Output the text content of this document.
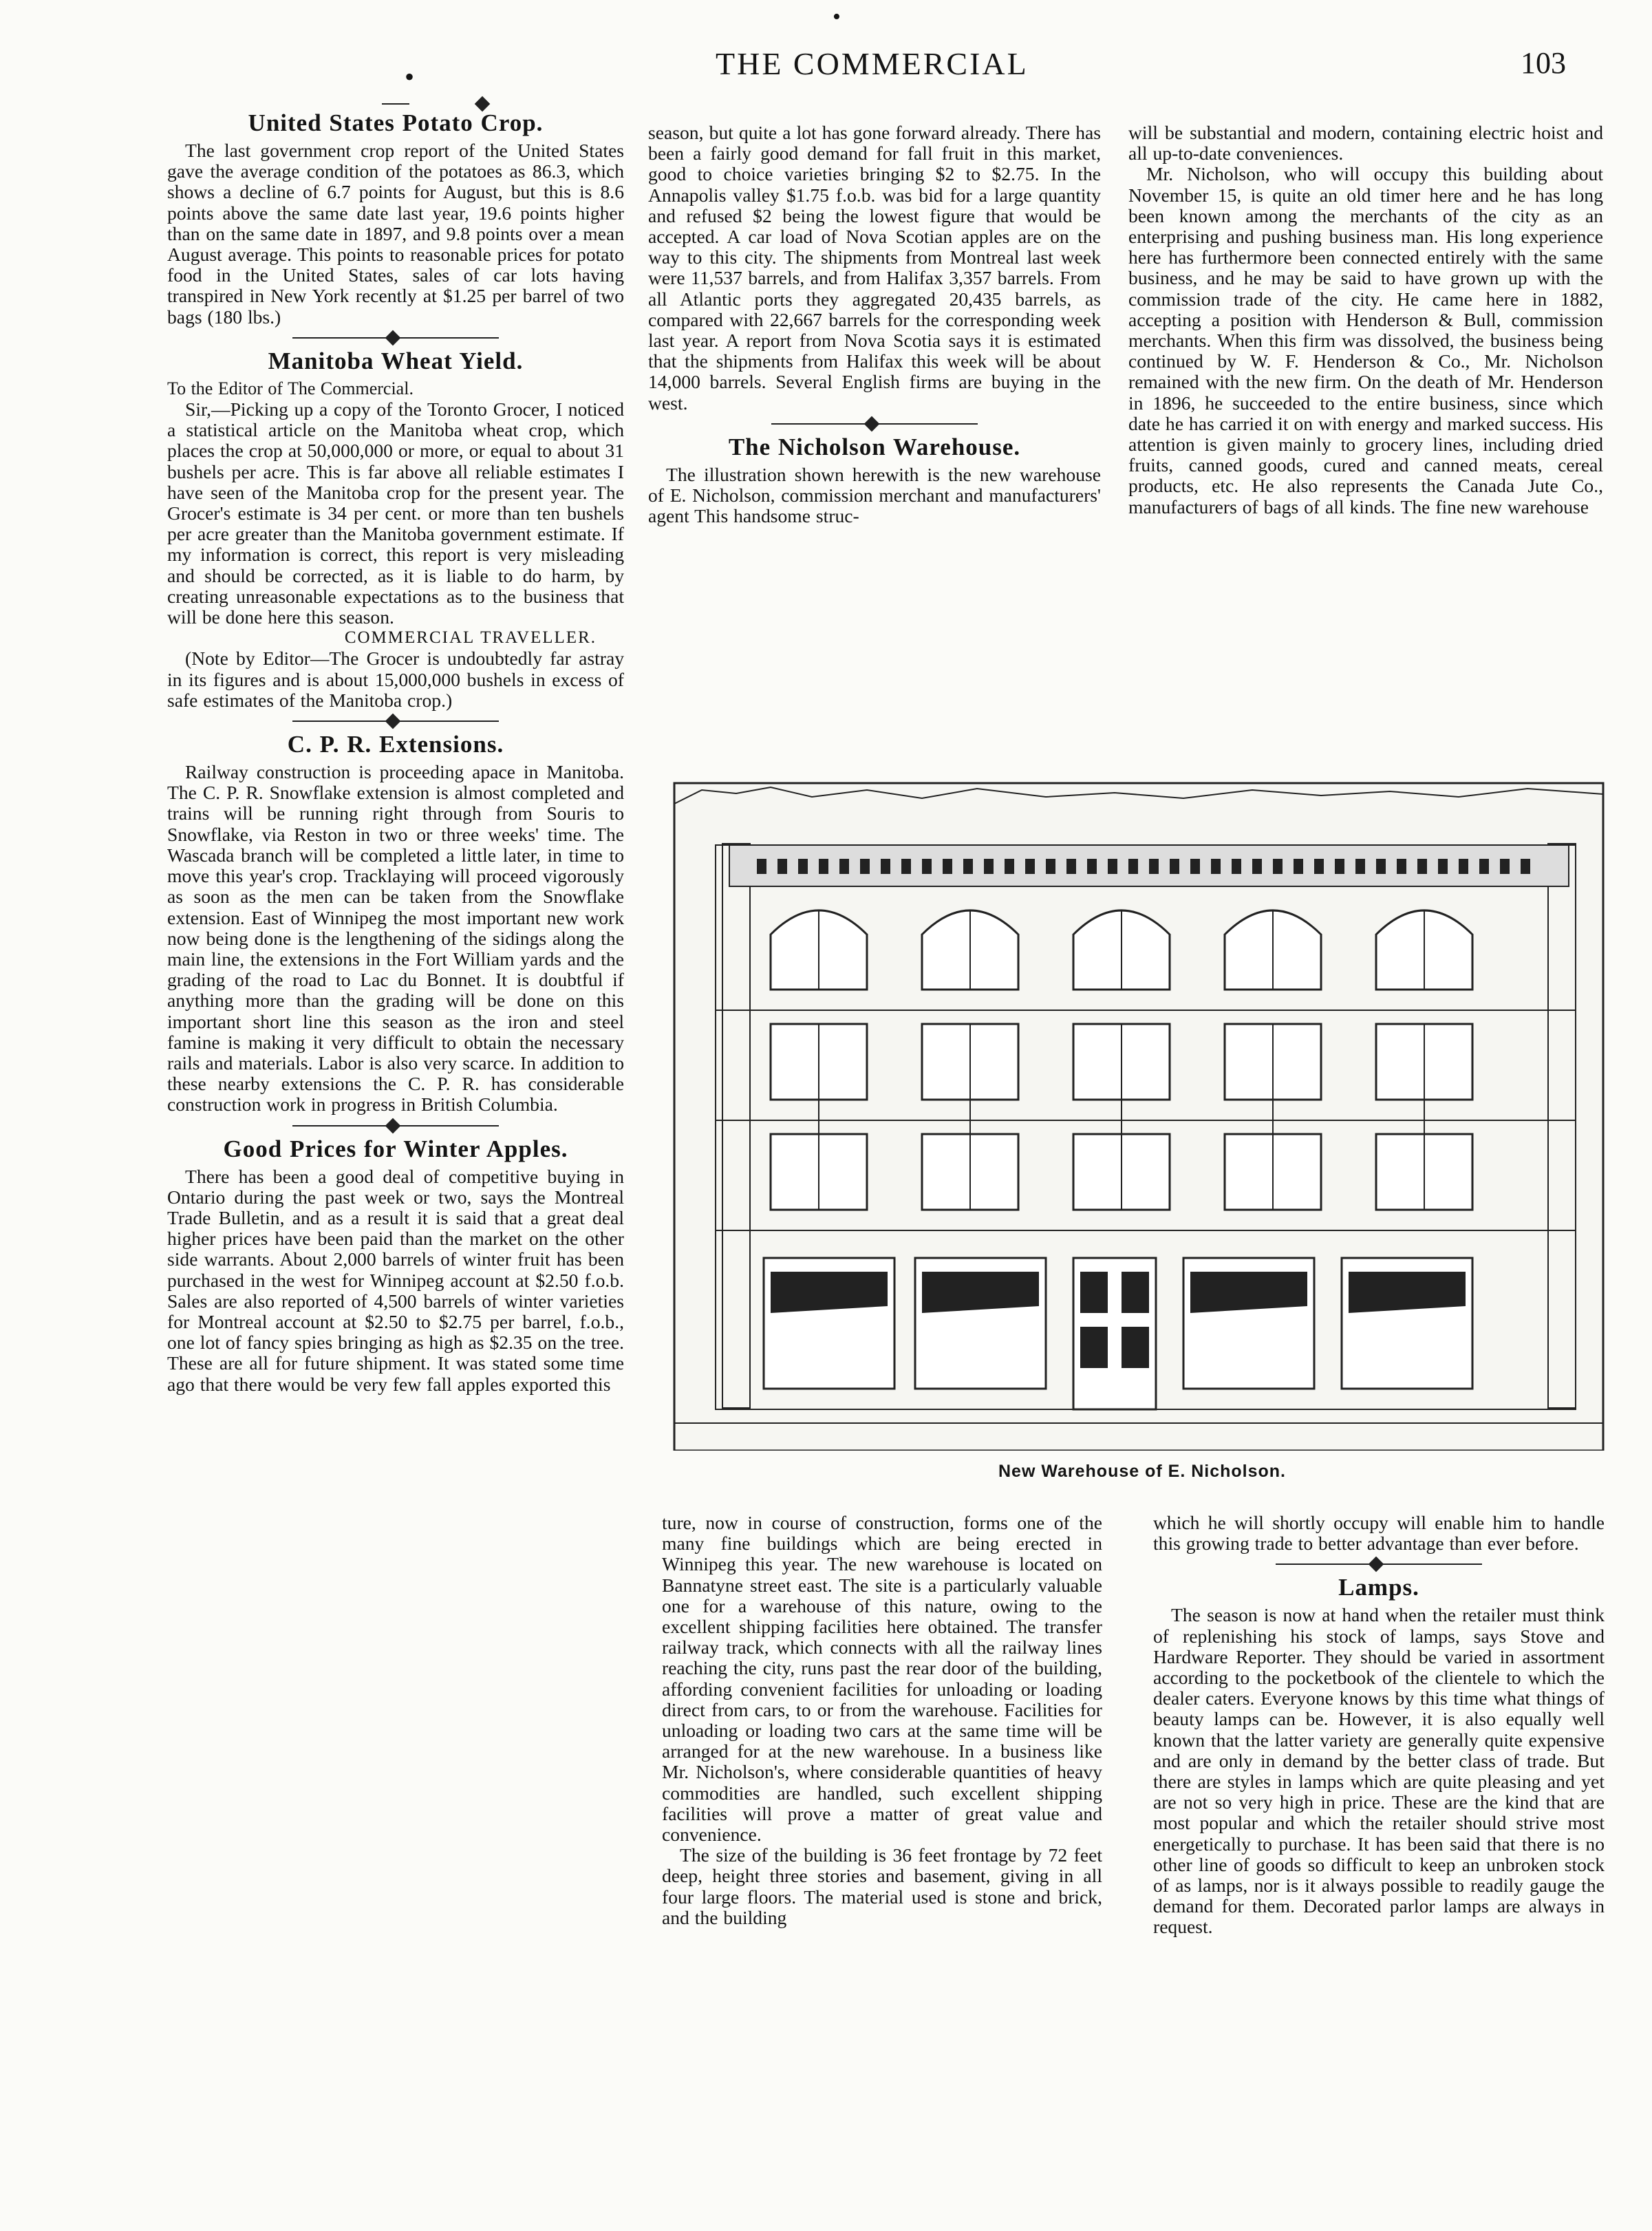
•
•	THE COMMERCIAL	103
United States Potato Crop.

The last government crop report of the United States gave the average condition of the potatoes as 86.3, which shows a decline of 6.7 points for August, but this is 8.6 points above the same date last year, 19.6 points higher than on the same date in 1897, and 9.8 points over a mean August average. This points to reasonable prices for potato food in the United States, sales of car lots having transpired in New York recently at $1.25 per barrel of two bags (180 lbs.)

Manitoba Wheat Yield.

To the Editor of The Commercial.

Sir,—Picking up a copy of the Toronto Grocer, I noticed a statistical article on the Manitoba wheat crop, which places the crop at 50,000,000 or more, or equal to about 31 bushels per acre. This is far above all reliable estimates I have seen of the Manitoba crop for the present year. The Grocer's estimate is 34 per cent. or more than ten bushels per acre greater than the Manitoba government estimate. If my information is correct, this report is very misleading and should be corrected, as it is liable to do harm, by creating unreasonable expectations as to the business that will be done here this season.

COMMERCIAL TRAVELLER.

(Note by Editor—The Grocer is undoubtedly far astray in its figures and is about 15,000,000 bushels in excess of safe estimates of the Manitoba crop.)

C. P. R. Extensions.

Railway construction is proceeding apace in Manitoba. The C. P. R. Snowflake extension is almost completed and trains will be running right through from Souris to Snowflake, via Reston in two or three weeks' time. The Wascada branch will be completed a little later, in time to move this year's crop. Tracklaying will proceed vigorously as soon as the men can be taken from the Snowflake extension. East of Winnipeg the most important new work now being done is the lengthening of the sidings along the main line, the extensions in the Fort William yards and the grading of the road to Lac du Bonnet. It is doubtful if anything more than the grading will be done on this important short line this season as the iron and steel famine is making it very difficult to obtain the necessary rails and materials. Labor is also very scarce. In addition to these nearby extensions the C. P. R. has considerable construction work in progress in British Columbia.

Good Prices for Winter Apples.

There has been a good deal of competitive buying in Ontario during the past week or two, says the Montreal Trade Bulletin, and as a result it is said that a great deal higher prices have been paid than the market on the other side warrants. About 2,000 barrels of winter fruit has been purchased in the west for Winnipeg account at $2.50 f.o.b. Sales are also reported of 4,500 barrels of winter varieties for Montreal account at $2.50 to $2.75 per barrel, f.o.b., one lot of fancy spies bringing as high as $2.35 on the tree. These are all for future shipment. It was stated some time ago that there would be very few fall apples exported this

season, but quite a lot has gone forward already. There has been a fairly good demand for fall fruit in this market, good to choice varieties bringing $2 to $2.75. In the Annapolis valley $1.75 f.o.b. was bid for a large quantity and refused $2 being the lowest figure that would be accepted. A car load of Nova Scotian apples are on the way to this city. The shipments from Montreal last week were 11,537 barrels, and from Halifax 3,357 barrels. From all Atlantic ports they aggregated 20,435 barrels, as compared with 22,667 barrels for the corresponding week last year. A report from Nova Scotia says it is estimated that the shipments from Halifax this week will be about 14,000 barrels. Several English firms are buying in the west.

The Nicholson Warehouse.

The illustration shown herewith is the new warehouse of E. Nicholson, commission merchant and manufacturers' agent This handsome struc-

will be substantial and modern, containing electric hoist and all up-to-date conveniences.

Mr. Nicholson, who will occupy this building about November 15, is quite an old timer here and he has long been known among the merchants of the city as an enterprising and pushing business man. His long experience here has furthermore been connected entirely with the same business, and he may be said to have grown up with the commission trade of the city. He came here in 1882, accepting a position with Henderson & Bull, commission merchants. When this firm was dissolved, the business being continued by W. F. Henderson & Co., Mr. Nicholson remained with the new firm. On the death of Mr. Henderson in 1896, he succeeded to the entire business, since which date he has carried it on with energy and marked success. His attention is given mainly to grocery lines, including dried fruits, canned goods, cured and canned meats, cereal products, etc. He also represents the Canada Jute Co., manufacturers of bags of all kinds. The fine new warehouse

New Warehouse of E. Nicholson.

ture, now in course of construction, forms one of the many fine buildings which are being erected in Winnipeg this year. The new warehouse is located on Bannatyne street east. The site is a particularly valuable one for a warehouse of this nature, owing to the excellent shipping facilities here obtained. The transfer railway track, which connects with all the railway lines reaching the city, runs past the rear door of the building, affording convenient facilities for unloading or loading direct from cars, to or from the warehouse. Facilities for unloading or loading two cars at the same time will be arranged for at the new warehouse. In a business like Mr. Nicholson's, where considerable quantities of heavy commodities are handled, such excellent shipping facilities will prove a matter of great value and convenience.

The size of the building is 36 feet frontage by 72 feet deep, height three stories and basement, giving in all four large floors. The material used is stone and brick, and the building

which he will shortly occupy will enable him to handle this growing trade to better advantage than ever before.

Lamps.

The season is now at hand when the retailer must think of replenishing his stock of lamps, says Stove and Hardware Reporter. They should be varied in assortment according to the pocketbook of the clientele to which the dealer caters. Everyone knows by this time what things of beauty lamps can be. However, it is also equally well known that the latter variety are generally quite expensive and are only in demand by the better class of trade. But there are styles in lamps which are quite pleasing and yet are not so very high in price. These are the kind that are most popular and which the retailer should strive most energetically to purchase. It has been said that there is no other line of goods so difficult to keep an unbroken stock of as lamps, nor is it always possible to readily gauge the demand for them. Decorated parlor lamps are always in request.
